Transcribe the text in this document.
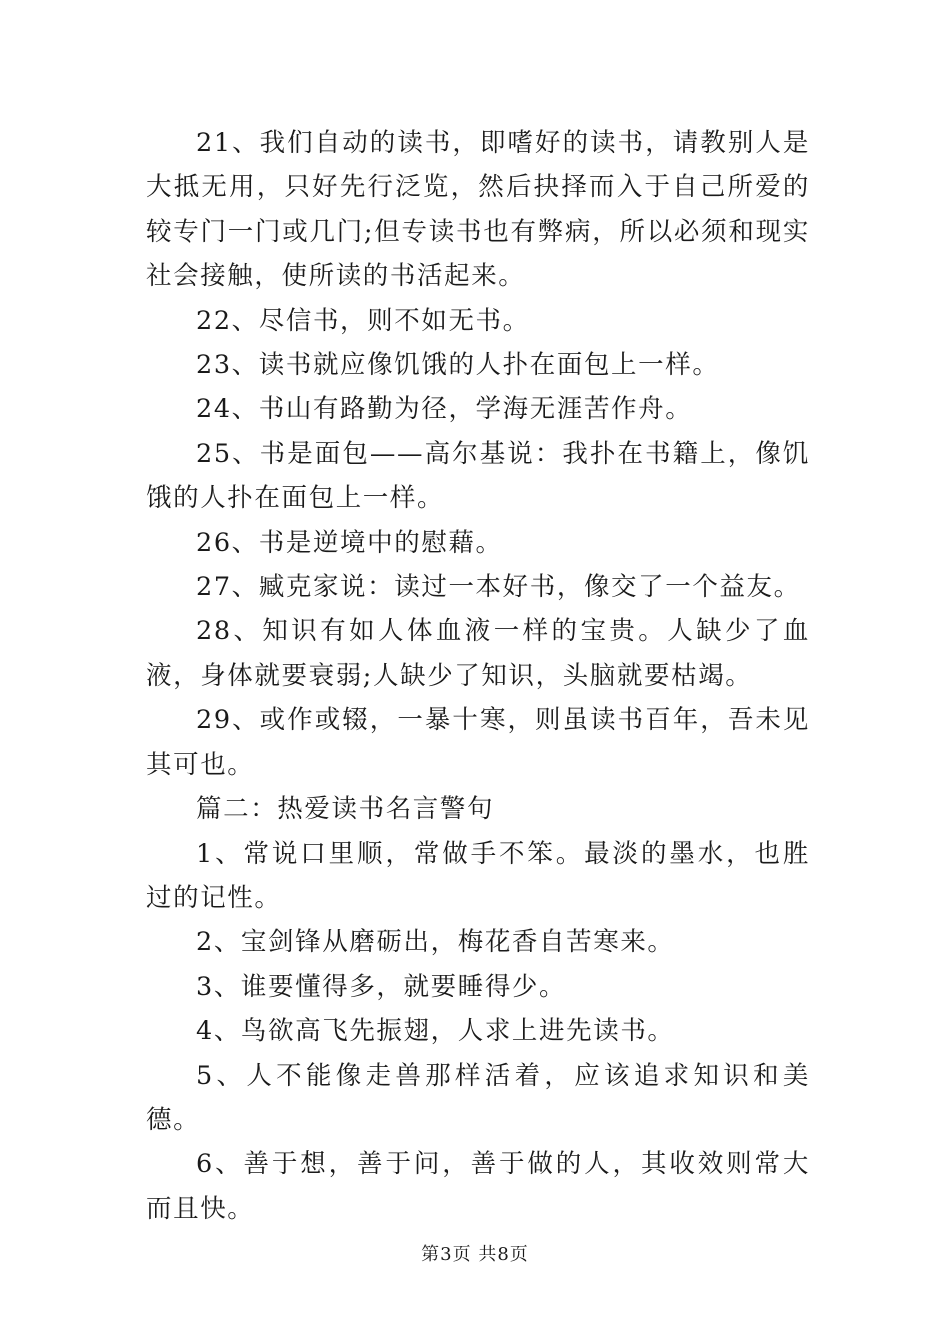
21、我们自动的读书，即嗜好的读书，请教别人是大抵无用，只好先行泛览，然后抉择而入于自己所爱的较专门一门或几门;但专读书也有弊病，所以必须和现实社会接触，使所读的书活起来。

22、尽信书，则不如无书。

23、读书就应像饥饿的人扑在面包上一样。

24、书山有路勤为径，学海无涯苦作舟。

25、书是面包——高尔基说：我扑在书籍上，像饥饿的人扑在面包上一样。

26、书是逆境中的慰藉。

27、臧克家说：读过一本好书，像交了一个益友。

28、知识有如人体血液一样的宝贵。人缺少了血液，身体就要衰弱;人缺少了知识，头脑就要枯竭。

29、或作或辍，一暴十寒，则虽读书百年，吾未见其可也。

篇二：热爱读书名言警句

1、常说口里顺，常做手不笨。最淡的墨水，也胜过的记性。

2、宝剑锋从磨砺出，梅花香自苦寒来。

3、谁要懂得多，就要睡得少。

4、鸟欲高飞先振翅，人求上进先读书。

5、人不能像走兽那样活着，应该追求知识和美德。

6、善于想，善于问，善于做的人，其收效则常大而且快。

第3页 共8页
